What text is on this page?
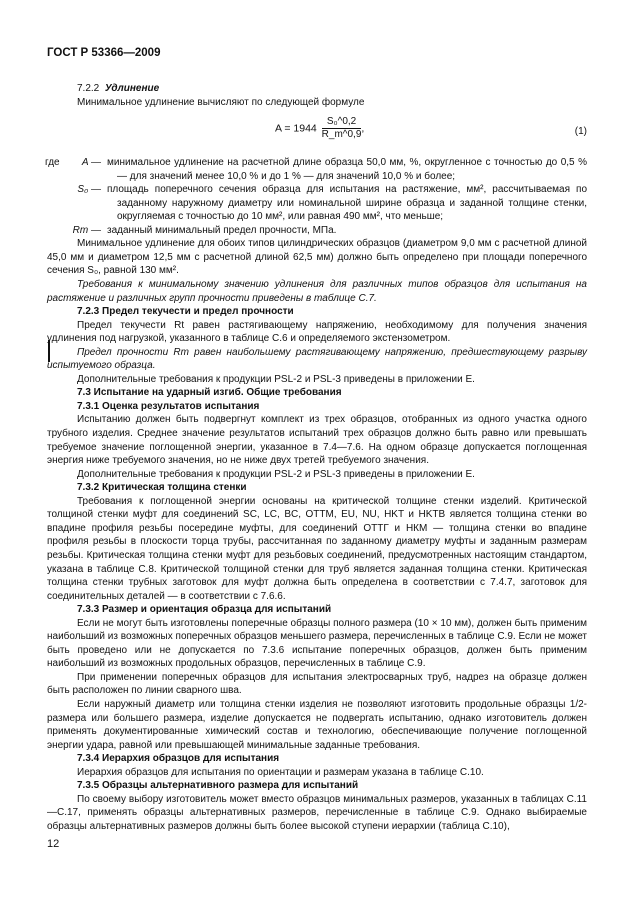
ГОСТ Р 53366—2009

7.2.2 Удлинение

Минимальное удлинение вычисляют по следующей формуле

$A = 1944 \frac{\text{S₀\textasciicircum{}0,2}}{R\_m\^{}0,9}$ ,	(1)
где A — минимальное удлинение на расчетной длине образца 50,0 мм, %, округленное с точностью до 0,5 % — для значений менее 10,0 % и до 1 % — для значений 10,0 % и более;
S₀ — площадь поперечного сечения образца для испытания на растяжение, мм², рассчитываемая по заданному наружному диаметру или номинальной ширине образца и заданной толщине стенки, округляемая с точностью до 10 мм², или равная 490 мм², что меньше;
Rm — заданный минимальный предел прочности, МПа.

Минимальное удлинение для обоих типов цилиндрических образцов (диаметром 9,0 мм с расчетной длиной 45,0 мм и диаметром 12,5 мм с расчетной длиной 62,5 мм) должно быть определено при площади поперечного сечения S₀, равной 130 мм².

Требования к минимальному значению удлинения для различных типов образцов для испытания на растяжение и различных групп прочности приведены в таблице С.7.

7.2.3 Предел текучести и предел прочности

Предел текучести Rt равен растягивающему напряжению, необходимому для получения значения удлинения под нагрузкой, указанного в таблице С.6 и определяемого экстензометром.

Предел прочности Rm равен наибольшему растягивающему напряжению, предшествующему разрыву испытуемого образца.

Дополнительные требования к продукции PSL-2 и PSL-3 приведены в приложении Е.

7.3 Испытание на ударный изгиб. Общие требования

7.3.1 Оценка результатов испытания

Испытанию должен быть подвергнут комплект из трех образцов, отобранных из одного участка одного трубного изделия. Среднее значение результатов испытаний трех образцов должно быть равно или превышать требуемое значение поглощенной энергии, указанное в 7.4—7.6. На одном образце допускается поглощенная энергия ниже требуемого значения, но не ниже двух третей требуемого значения.

Дополнительные требования к продукции PSL-2 и PSL-3 приведены в приложении Е.

7.3.2 Критическая толщина стенки

Требования к поглощенной энергии основаны на критической толщине стенки изделий. Критической толщиной стенки муфт для соединений SC, LC, BC, OTTM, EU, NU, HKT и HKTB является толщина стенки во впадине профиля резьбы посередине муфты, для соединений ОТТГ и НКМ — толщина стенки во впадине профиля резьбы в плоскости торца трубы, рассчитанная по заданному диаметру муфты и заданным размерам резьбы. Критическая толщина стенки муфт для резьбовых соединений, предусмотренных настоящим стандартом, указана в таблице С.8. Критической толщиной стенки для труб является заданная толщина стенки. Критическая толщина стенки трубных заготовок для муфт должна быть определена в соответствии с 7.4.7, заготовок для соединительных деталей — в соответствии с 7.6.6.

7.3.3 Размер и ориентация образца для испытаний

Если не могут быть изготовлены поперечные образцы полного размера (10 × 10 мм), должен быть применим наибольший из возможных поперечных образцов меньшего размера, перечисленных в таблице С.9. Если не может быть проведено или не допускается по 7.3.6 испытание поперечных образцов, должен быть применим наибольший из возможных продольных образцов, перечисленных в таблице С.9.

При применении поперечных образцов для испытания электросварных труб, надрез на образце должен быть расположен по линии сварного шва.

Если наружный диаметр или толщина стенки изделия не позволяют изготовить продольные образцы 1/2-размера или большего размера, изделие допускается не подвергать испытанию, однако изготовитель должен применять документированные химический состав и технологию, обеспечивающие получение поглощенной энергии удара, равной или превышающей минимальные заданные требования.

7.3.4 Иерархия образцов для испытания

Иерархия образцов для испытания по ориентации и размерам указана в таблице С.10.

7.3.5 Образцы альтернативного размера для испытаний

По своему выбору изготовитель может вместо образцов минимальных размеров, указанных в таблицах С.11—С.17, применять образцы альтернативных размеров, перечисленные в таблице С.9. Однако выбираемые образцы альтернативных размеров должны быть более высокой ступени иерархии (таблица С.10),

12
